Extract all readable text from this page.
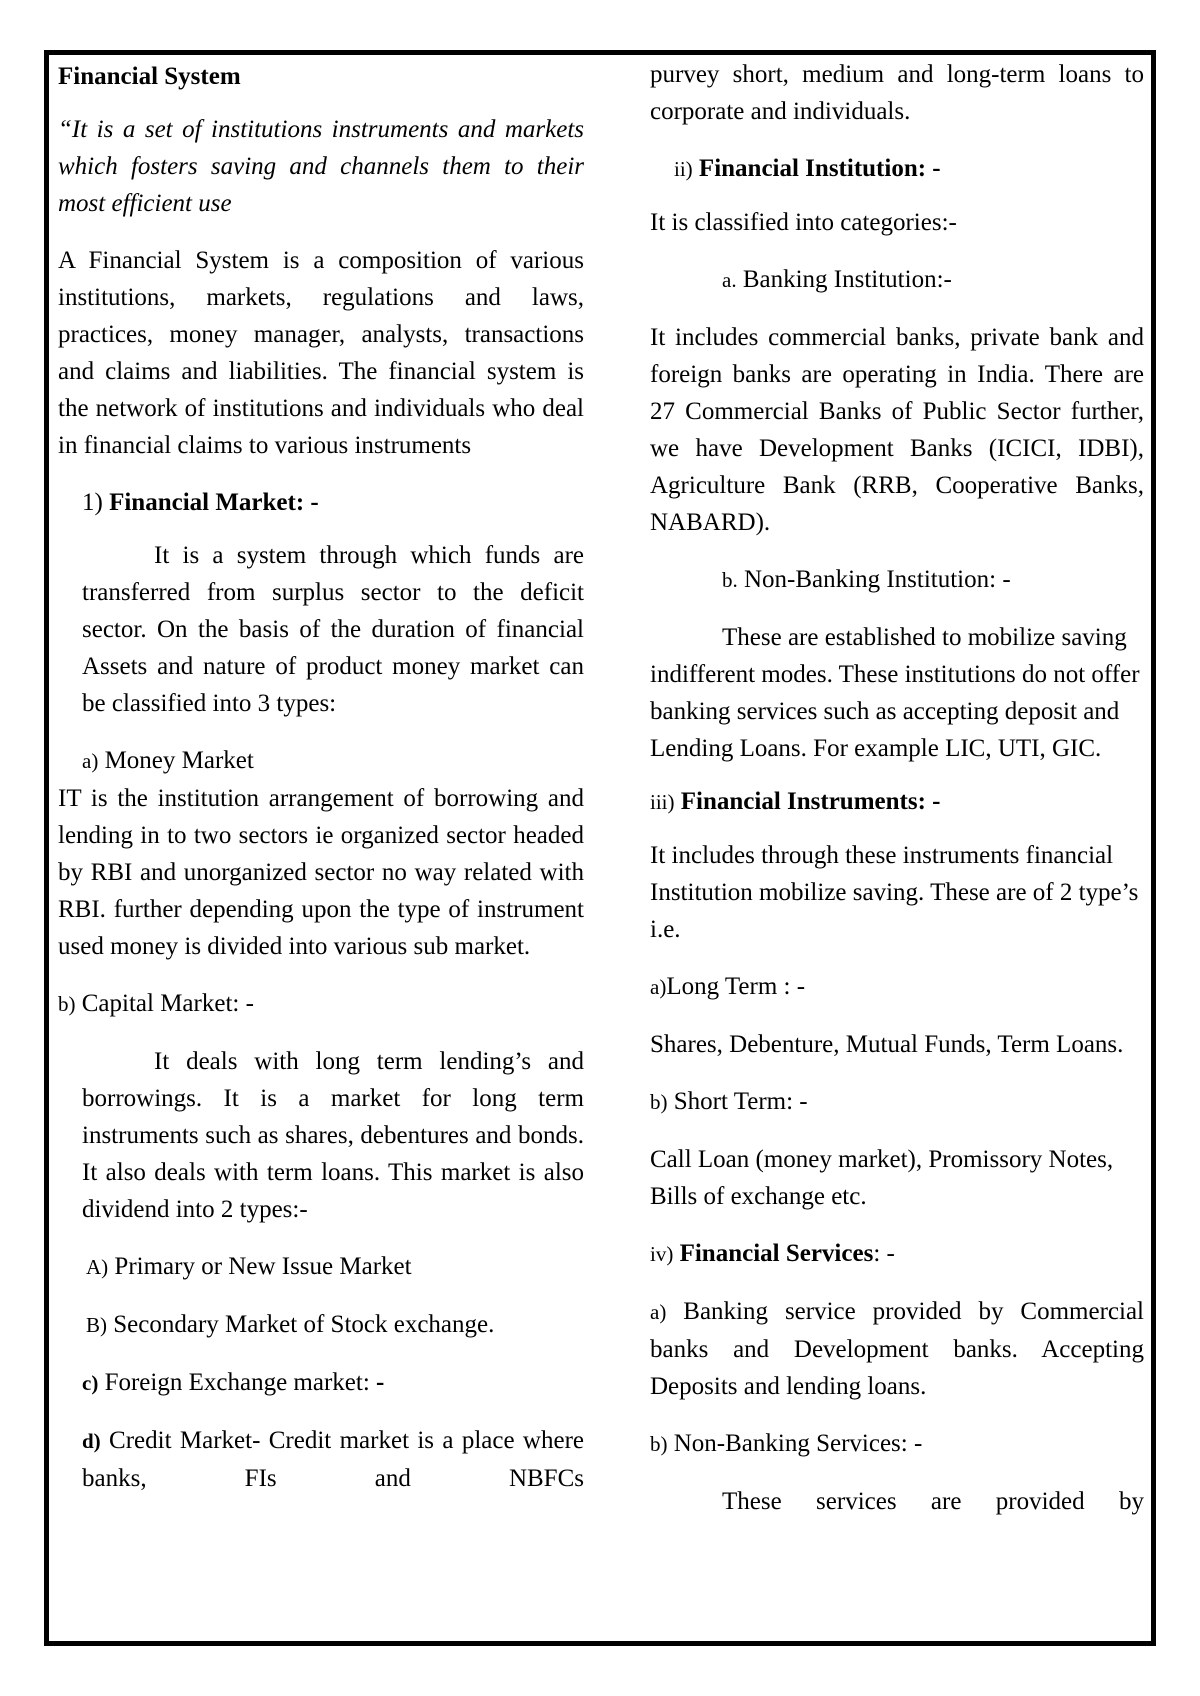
Financial System

“It is a set of institutions instruments and markets which fosters saving and channels them to their most efficient use

A Financial System is a composition of various institutions, markets, regulations and laws, practices, money manager, analysts, transactions and claims and liabilities. The financial system is the network of institutions and individuals who deal in financial claims to various instruments

1) Financial Market: -

It is a system through which funds are transferred from surplus sector to the deficit sector. On the basis of the duration of financial Assets and nature of product money market can be classified into 3 types:

a) Money Market

IT is the institution arrangement of borrowing and lending in to two sectors ie organized sector headed by RBI and unorganized sector no way related with RBI. further depending upon the type of instrument used money is divided into various sub market.

b) Capital Market: -

It deals with long term lending’s and borrowings. It is a market for long term instruments such as shares, debentures and bonds. It also deals with term loans. This market is also dividend into 2 types:-

A) Primary or New Issue Market

B) Secondary Market of Stock exchange.

c) Foreign Exchange market: -

d) Credit Market- Credit market is a place where banks, FIs and NBFCs

purvey short, medium and long-term loans to corporate and individuals.

ii) Financial Institution: -

It is classified into categories:-

a. Banking Institution:-

It includes commercial banks, private bank and foreign banks are operating in India. There are 27 Commercial Banks of Public Sector further, we have Development Banks (ICICI, IDBI), Agriculture Bank (RRB, Cooperative Banks, NABARD).

b. Non-Banking Institution: -

These are established to mobilize saving indifferent modes. These institutions do not offer banking services such as accepting deposit and Lending Loans. For example LIC, UTI, GIC.

iii) Financial Instruments: -

It includes through these instruments financial Institution mobilize saving. These are of 2 type’s i.e.

a)Long Term : -

Shares, Debenture, Mutual Funds, Term Loans.

b) Short Term: -

Call Loan (money market), Promissory Notes, Bills of exchange etc.

iv) Financial Services: -

a) Banking service provided by Commercial banks and Development banks. Accepting Deposits and lending loans.

b) Non-Banking Services: -

These services are provided by
